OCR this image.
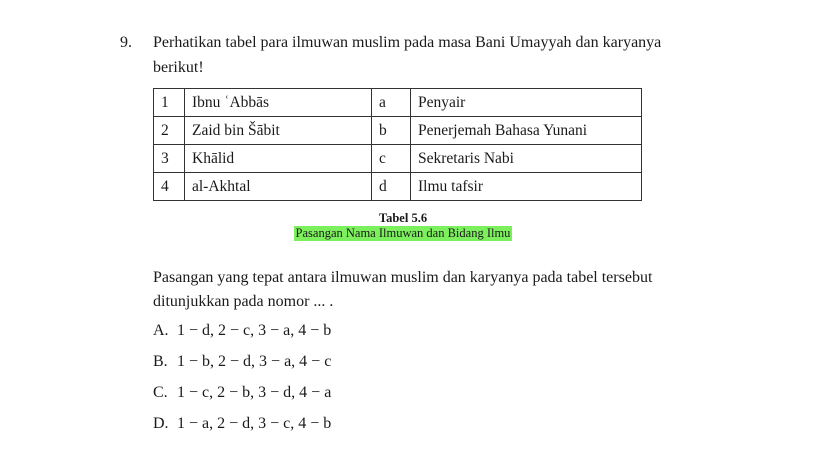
9. Perhatikan tabel para ilmuwan muslim pada masa Bani Umayyah dan karyanya berikut!
1	Ibnu ʿAbbās	a	Penyair
2	Zaid bin Šābit	b	Penerjemah Bahasa Yunani
3	Khālid	c	Sekretaris Nabi
4	al-Akhtal	d	Ilmu tafsir
Tabel 5.6
Pasangan Nama Ilmuwan dan Bidang Ilmu
Pasangan yang tepat antara ilmuwan muslim dan karyanya pada tabel tersebut ditunjukkan pada nomor ... .
A. 1 − d, 2 − c, 3 − a, 4 − b
B. 1 − b, 2 − d, 3 − a, 4 − c
C. 1 − c, 2 − b, 3 − d, 4 − a
D. 1 − a, 2 − d, 3 − c, 4 − b
